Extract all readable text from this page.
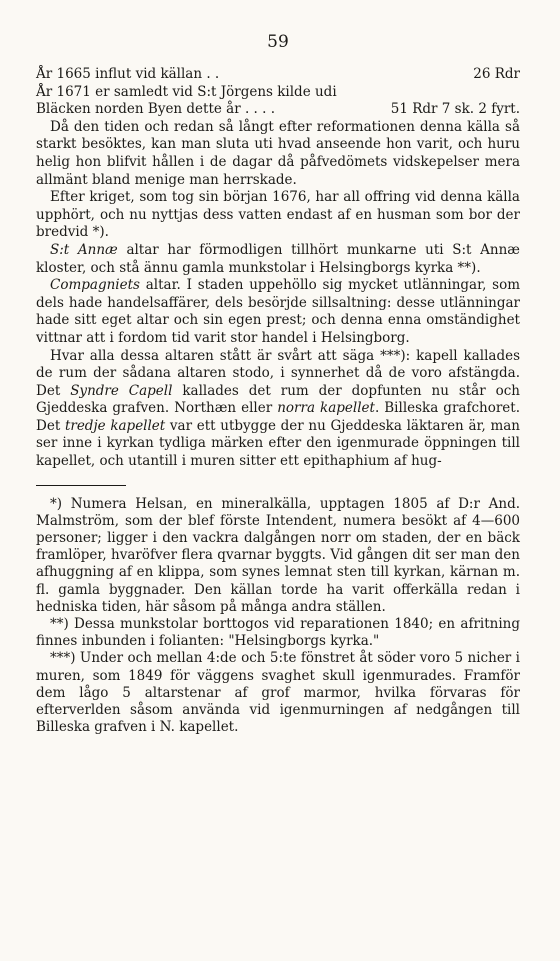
59
26 Rdr
År 1665 influt vid källan . .
År 1671 er samledt vid S:t Jörgens kilde udi Bläcken norden Byen dette år . . . .	51 Rdr 7 sk. 2 fyrt.

Då den tiden och redan så långt efter reformationen denna källa så starkt besöktes, kan man sluta uti hvad anseende hon varit, och huru helig hon blifvit hållen i de dagar då påfvedömets vidskepelser mera allmänt bland menige man herrskade.

Efter kriget, som tog sin början 1676, har all offring vid denna källa upphört, och nu nyttjas dess vatten endast af en husman som bor der bredvid *).

S:t Annæ altar har förmodligen tillhört munkarne uti S:t Annæ kloster, och stå ännu gamla munkstolar i Helsingborgs kyrka **).

Compagniets altar. I staden uppehöllo sig mycket utlänningar, som dels hade handelsaffärer, dels besörjde sillsaltning: desse utlänningar hade sitt eget altar och sin egen prest; och denna enna omständighet vittnar att i fordom tid varit stor handel i Helsingborg.

Hvar alla dessa altaren stått är svårt att säga ***): kapell kallades de rum der sådana altaren stodo, i synnerhet då de voro afstängda. Det Syndre Capell kallades det rum der dopfunten nu står och Gjeddeska grafven. Northæn eller norra kapellet. Billeska grafchoret. Det tredje kapellet var ett utbygge der nu Gjeddeska läktaren är, man ser inne i kyrkan tydliga märken efter den igenmurade öppningen till kapellet, och utantill i muren sitter ett epithaphium af hug-

*) Numera Helsan, en mineralkälla, upptagen 1805 af D:r And. Malmström, som der blef förste Intendent, numera besökt af 4—600 personer; ligger i den vackra dalgången norr om staden, der en bäck framlöper, hvaröfver flera qvarnar byggts. Vid gången dit ser man den afhuggning af en klippa, som synes lemnat sten till kyrkan, kärnan m. fl. gamla byggnader. Den källan torde ha varit offerkälla redan i hedniska tiden, här såsom på många andra ställen.

**) Dessa munkstolar borttogos vid reparationen 1840; en afritning finnes inbunden i folianten: "Helsingborgs kyrka."

***) Under och mellan 4:de och 5:te fönstret åt söder voro 5 nicher i muren, som 1849 för väggens svaghet skull igenmurades. Framför dem lågo 5 altarstenar af grof marmor, hvilka förvaras för efterverlden såsom använda vid igenmurningen af nedgången till Billeska grafven i N. kapellet.
